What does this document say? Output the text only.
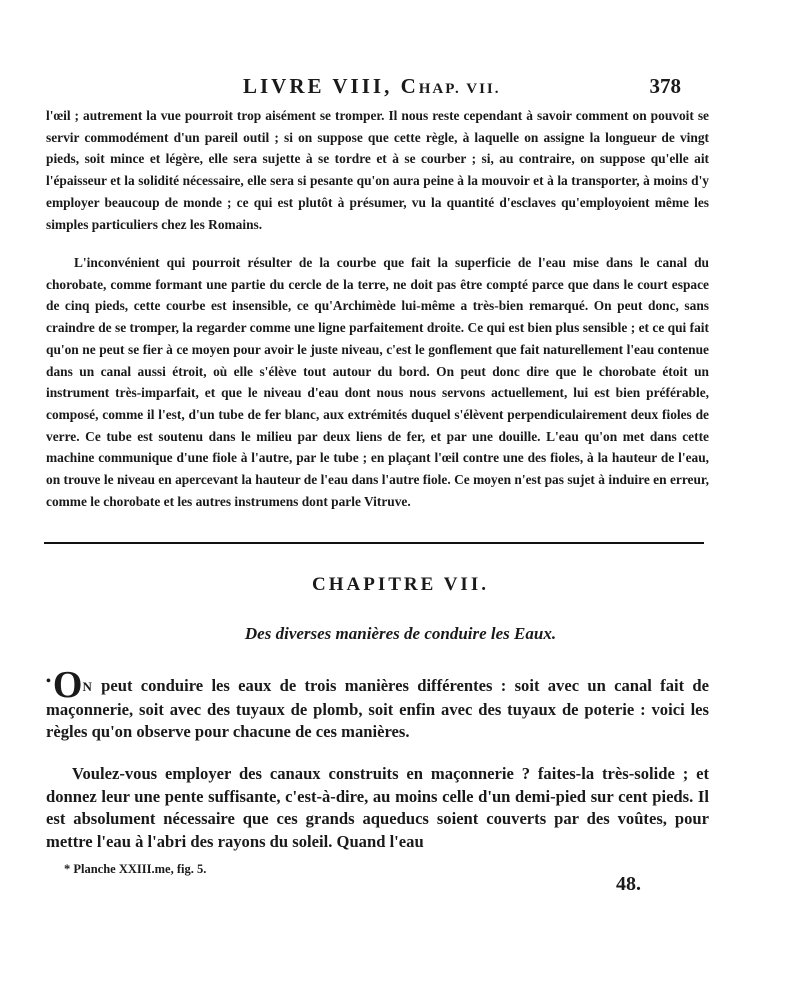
LIVRE VIII, CHAP. VII.	378

l'œil ; autrement la vue pourroit trop aisément se tromper. Il nous reste cependant à savoir comment on pouvoit se servir commodément d'un pareil outil ; si on suppose que cette règle, à laquelle on assigne la longueur de vingt pieds, soit mince et légère, elle sera sujette à se tordre et à se courber ; si, au contraire, on suppose qu'elle ait l'épaisseur et la solidité nécessaire, elle sera si pesante qu'on aura peine à la mouvoir et à la transporter, à moins d'y employer beaucoup de monde ; ce qui est plutôt à présumer, vu la quantité d'esclaves qu'employoient même les simples particuliers chez les Romains.

L'inconvénient qui pourroit résulter de la courbe que fait la superficie de l'eau mise dans le canal du chorobate, comme formant une partie du cercle de la terre, ne doit pas être compté parce que dans le court espace de cinq pieds, cette courbe est insensible, ce qu'Archimède lui-même a très-bien remarqué. On peut donc, sans craindre de se tromper, la regarder comme une ligne parfaitement droite. Ce qui est bien plus sensible ; et ce qui fait qu'on ne peut se fier à ce moyen pour avoir le juste niveau, c'est le gonflement que fait naturellement l'eau contenue dans un canal aussi étroit, où elle s'élève tout autour du bord. On peut donc dire que le chorobate étoit un instrument très-imparfait, et que le niveau d'eau dont nous nous servons actuellement, lui est bien préférable, composé, comme il l'est, d'un tube de fer blanc, aux extrémités duquel s'élèvent perpendiculairement deux fioles de verre. Ce tube est soutenu dans le milieu par deux liens de fer, et par une douille. L'eau qu'on met dans cette machine communique d'une fiole à l'autre, par le tube ; en plaçant l'œil contre une des fioles, à la hauteur de l'eau, on trouve le niveau en apercevant la hauteur de l'eau dans l'autre fiole. Ce moyen n'est pas sujet à induire en erreur, comme le chorobate et les autres instrumens dont parle Vitruve.

CHAPITRE VII.
Des diverses manières de conduire les Eaux.

•ON peut conduire les eaux de trois manières différentes : soit avec un canal fait de maçonnerie, soit avec des tuyaux de plomb, soit enfin avec des tuyaux de poterie : voici les règles qu'on observe pour chacune de ces manières.

Voulez-vous employer des canaux construits en maçonnerie ? faites-la très-solide ; et donnez leur une pente suffisante, c'est-à-dire, au moins celle d'un demi-pied sur cent pieds. Il est absolument nécessaire que ces grands aqueducs soient couverts par des voûtes, pour mettre l'eau à l'abri des rayons du soleil. Quand l'eau

* Planche XXIII.me, fig. 5.
48.
